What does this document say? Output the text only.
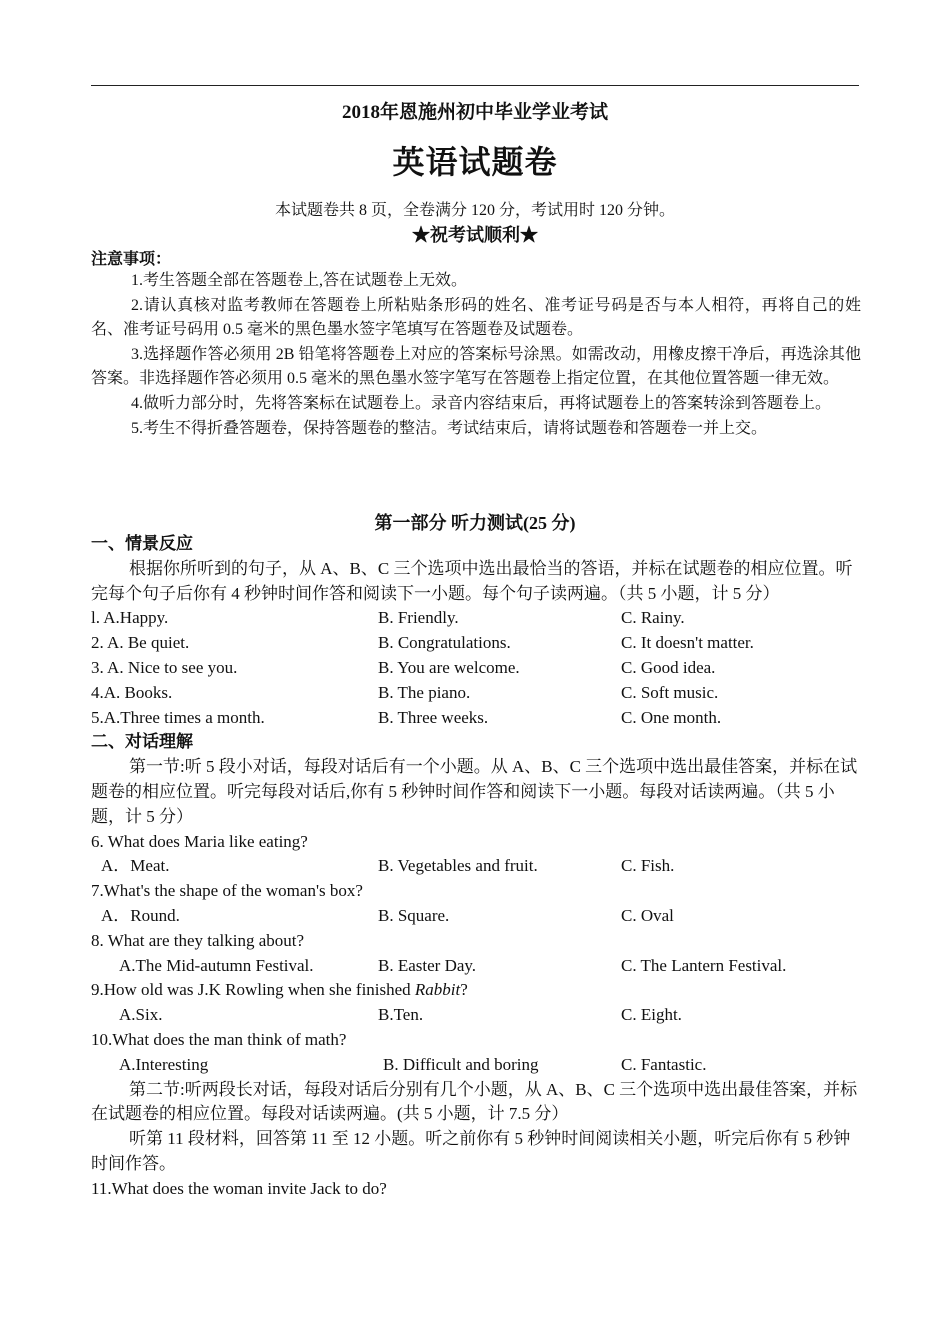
2018年恩施州初中毕业学业考试
英语试题卷
本试题卷共 8 页，全卷满分 120 分，考试用时 120 分钟。
★祝考试顺利★
注意事项：

1.考生答题全部在答题卷上,答在试题卷上无效。

2.请认真核对监考教师在答题卷上所粘贴条形码的姓名、准考证号码是否与本人相符，再将自己的姓名、准考证号码用 0.5 毫米的黑色墨水签字笔填写在答题卷及试题卷。

3.选择题作答必须用 2B 铅笔将答题卷上对应的答案标号涂黑。如需改动，用橡皮擦干净后，再选涂其他答案。非选择题作答必须用 0.5 毫米的黑色墨水签字笔写在答题卷上指定位置，在其他位置答题一律无效。

4.做听力部分时，先将答案标在试题卷上。录音内容结束后，再将试题卷上的答案转涂到答题卷上。

5.考生不得折叠答题卷，保持答题卷的整洁。考试结束后，请将试题卷和答题卷一并上交。

第一部分 听力测试(25 分)

一、情景反应

根据你所听到的句子，从 A、B、C 三个选项中选出最恰当的答语，并标在试题卷的相应位置。听完每个句子后你有 4 秒钟时间作答和阅读下一小题。每个句子读两遍。（共 5 小题，计 5 分）

l. A.Happy.	B. Friendly.	C. Rainy.
2. A. Be quiet.	B. Congratulations.	C. It doesn't matter.
3. A. Nice to see you.	B. You are welcome.	C. Good idea.
4.A. Books.	B. The piano.	C. Soft music.
5.A.Three times a month.	B. Three weeks.	C. One month.

二、对话理解

第一节:听 5 段小对话，每段对话后有一个小题。从 A、B、C 三个选项中选出最佳答案，并标在试题卷的相应位置。听完每段对话后,你有 5 秒钟时间作答和阅读下一小题。每段对话读两遍。（共 5 小题，计 5 分）

6. What does Maria like eating?

A．Meat.	B. Vegetables and fruit.	C. Fish.

7.What's the shape of the woman's box?

A．Round.	B. Square.	C. Oval

8. What are they talking about?

A.The Mid-autumn Festival.	B. Easter Day.	C. The Lantern Festival.

9.How old was J.K Rowling when she finished Rabbit?

A.Six.	B.Ten.	C. Eight.

10.What does the man think of math?

A.Interesting	B. Difficult and boring	C. Fantastic.

第二节:听两段长对话，每段对话后分别有几个小题，从 A、B、C 三个选项中选出最佳答案，并标在试题卷的相应位置。每段对话读两遍。(共 5 小题，计 7.5 分）

听第 11 段材料，回答第 11 至 12 小题。听之前你有 5 秒钟时间阅读相关小题，听完后你有 5 秒钟时间作答。

11.What does the woman invite Jack to do?
